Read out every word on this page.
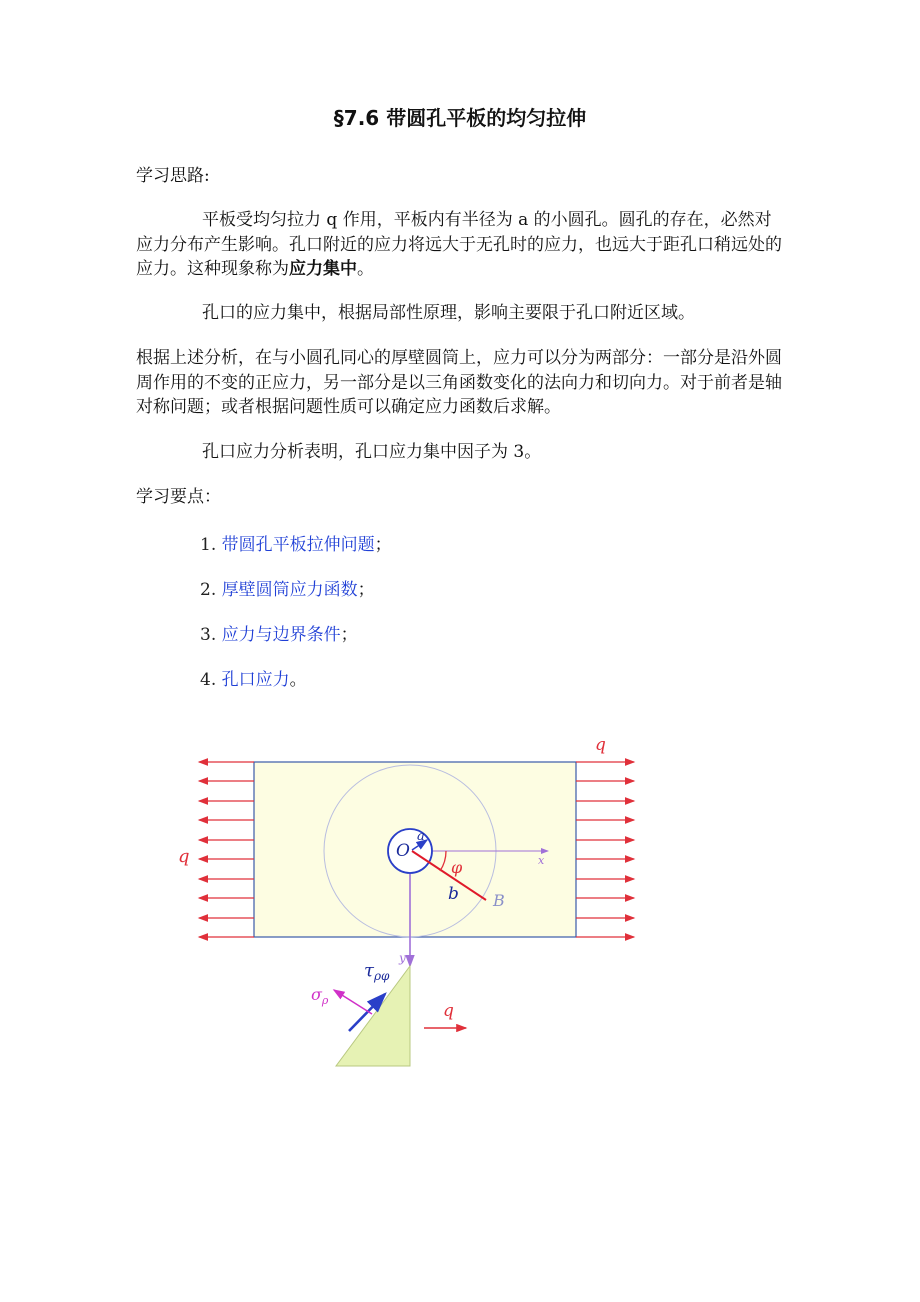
§7.6 带圆孔平板的均匀拉伸
学习思路:

平板受均匀拉力 q 作用，平板内有半径为 a 的小圆孔。圆孔的存在，必然对应力分布产生影响。孔口附近的应力将远大于无孔时的应力，也远大于距孔口稍远处的应力。这种现象称为应力集中。

孔口的应力集中，根据局部性原理，影响主要限于孔口附近区域。

根据上述分析，在与小圆孔同心的厚壁圆筒上，应力可以分为两部分：一部分是沿外圆周作用的不变的正应力，另一部分是以三角函数变化的法向力和切向力。对于前者是轴对称问题；或者根据问题性质可以确定应力函数后求解。

孔口应力分析表明，孔口应力集中因子为 3。

学习要点：
1. 带圆孔平板拉伸问题；
2. 厚壁圆筒应力函数；
3. 应力与边界条件；
4. 孔口应力。
q
q	O
a
φ	x
b B
y
$\tau_{\rho\varphi}$
$\sigma_\rho$
q
